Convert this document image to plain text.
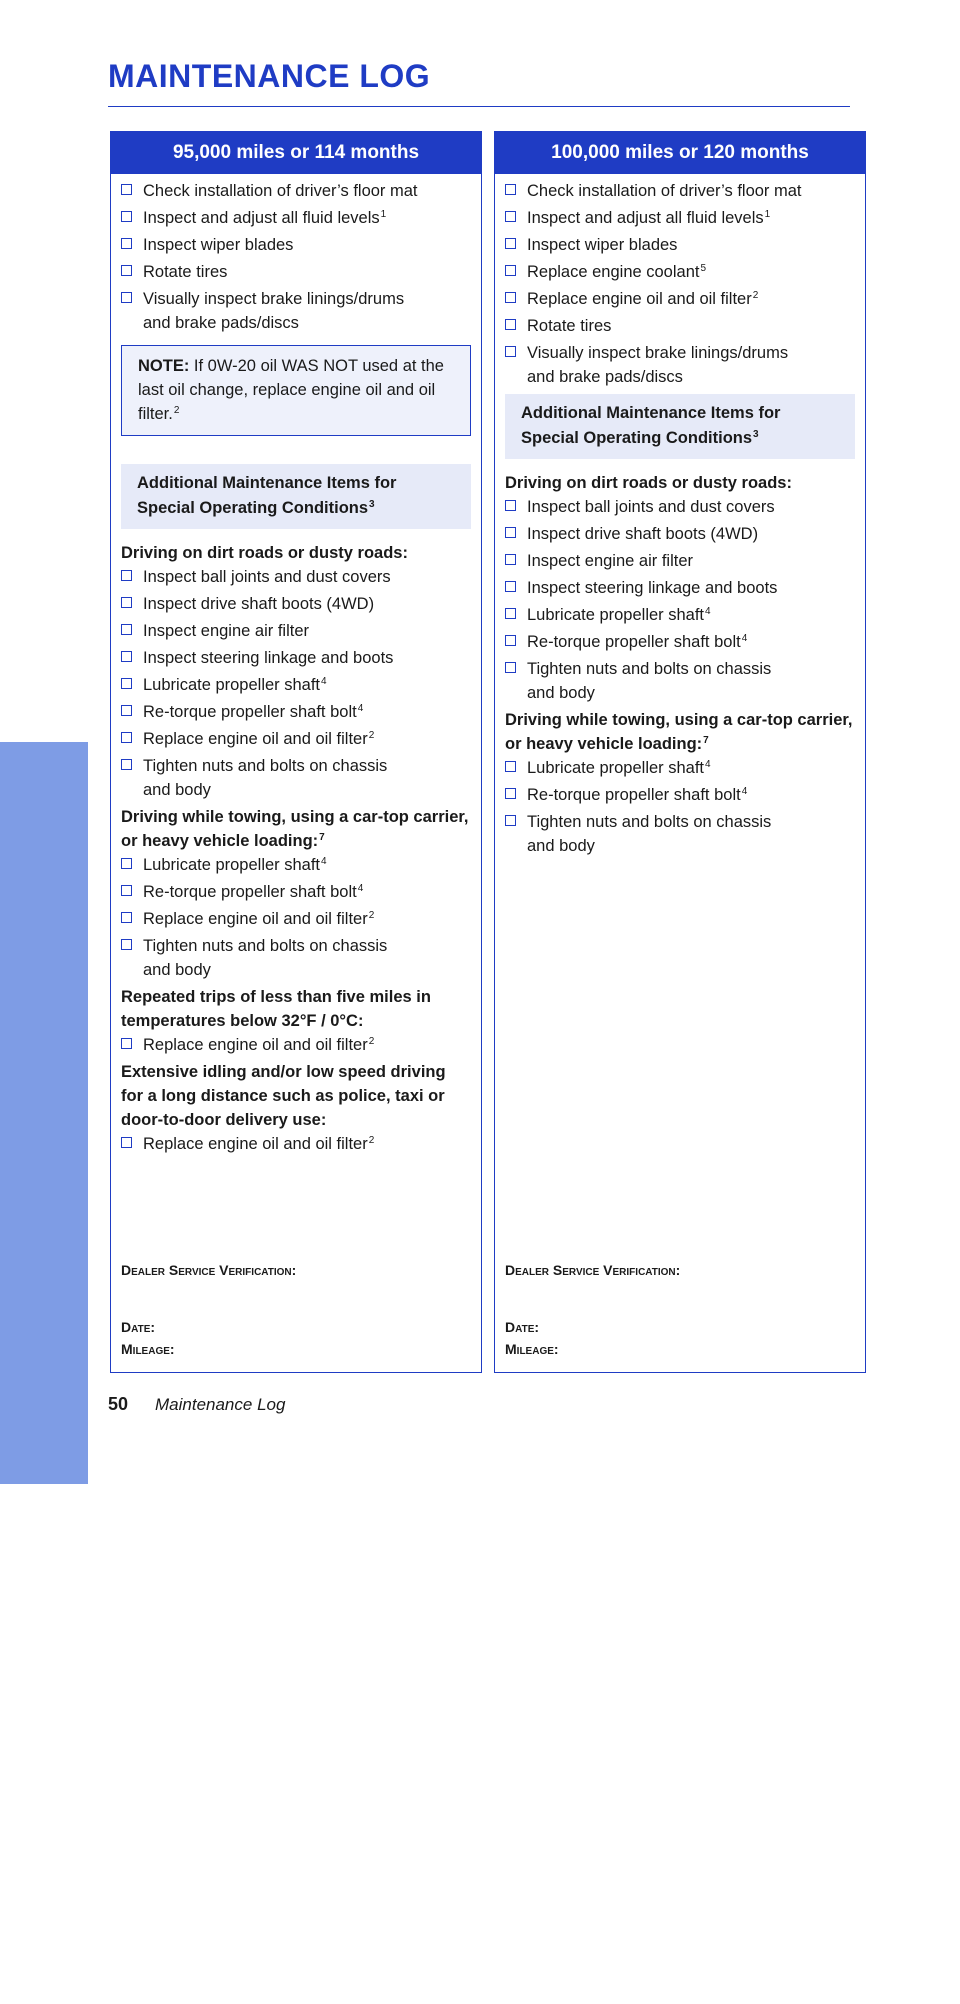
MAINTENANCE LOG
MAINTENANCE
95,000 miles or 114 months
Check installation of driver’s floor mat
Inspect and adjust all fluid levels$^1$
Inspect wiper blades
Rotate tires
Visually inspect brake linings/drums
and brake pads/discs
NOTE: If 0W-20 oil WAS NOT used at the last oil change, replace engine oil and oil filter.$^2$
Additional Maintenance Items for
Special Operating Conditions$^3$
Driving on dirt roads or dusty roads:
Inspect ball joints and dust covers
Inspect drive shaft boots (4WD)
Inspect engine air filter
Inspect steering linkage and boots
Lubricate propeller shaft$^4$
Re-torque propeller shaft bolt$^4$
Replace engine oil and oil filter$^2$
Tighten nuts and bolts on chassis
and body
Driving while towing, using a car-top carrier, or heavy vehicle loading:$^7$
Lubricate propeller shaft$^4$
Re-torque propeller shaft bolt$^4$
Replace engine oil and oil filter$^2$
Tighten nuts and bolts on chassis
and body
Repeated trips of less than five miles in temperatures below 32°F / 0°C:
Replace engine oil and oil filter$^2$
Extensive idling and/or low speed driving for a long distance such as police, taxi or door-to-door delivery use:
Replace engine oil and oil filter$^2$
Dealer Service Verification:
Date:
Mileage:
100,000 miles or 120 months
Check installation of driver’s floor mat
Inspect and adjust all fluid levels$^1$
Inspect wiper blades
Replace engine coolant$^5$
Replace engine oil and oil filter$^2$
Rotate tires
Visually inspect brake linings/drums
and brake pads/discs
Additional Maintenance Items for
Special Operating Conditions$^3$
Driving on dirt roads or dusty roads:
Inspect ball joints and dust covers
Inspect drive shaft boots (4WD)
Inspect engine air filter
Inspect steering linkage and boots
Lubricate propeller shaft$^4$
Re-torque propeller shaft bolt$^4$
Tighten nuts and bolts on chassis
and body
Driving while towing, using a car-top carrier, or heavy vehicle loading:$^7$
Lubricate propeller shaft$^4$
Re-torque propeller shaft bolt$^4$
Tighten nuts and bolts on chassis
and body
Dealer Service Verification:
Date:
Mileage:
50 Maintenance Log
